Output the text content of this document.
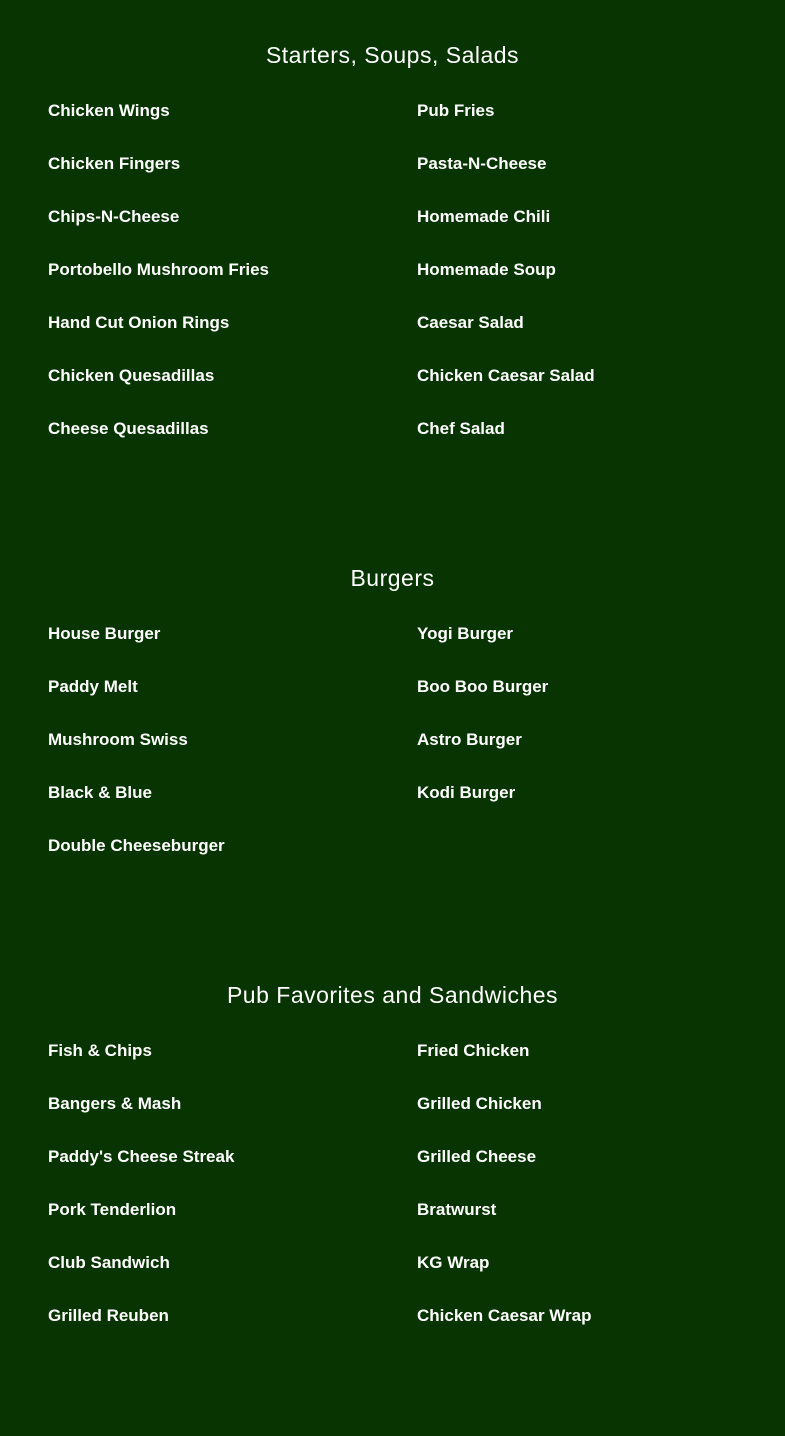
Starters, Soups, Salads
Chicken Wings	Pub Fries
Chicken Fingers	Pasta-N-Cheese
Chips-N-Cheese	Homemade Chili
Portobello Mushroom Fries	Homemade Soup
Hand Cut Onion Rings	Caesar Salad
Chicken Quesadillas	Chicken Caesar Salad
Cheese Quesadillas	Chef Salad
Burgers
House Burger	Yogi Burger
Paddy Melt	Boo Boo Burger
Mushroom Swiss	Astro Burger
Black & Blue	Kodi Burger
Double Cheeseburger
Pub Favorites and Sandwiches
Fish & Chips	Fried Chicken
Bangers & Mash	Grilled Chicken
Paddy's Cheese Streak	Grilled Cheese
Pork Tenderlion	Bratwurst
Club Sandwich	KG Wrap
Grilled Reuben	Chicken Caesar Wrap
